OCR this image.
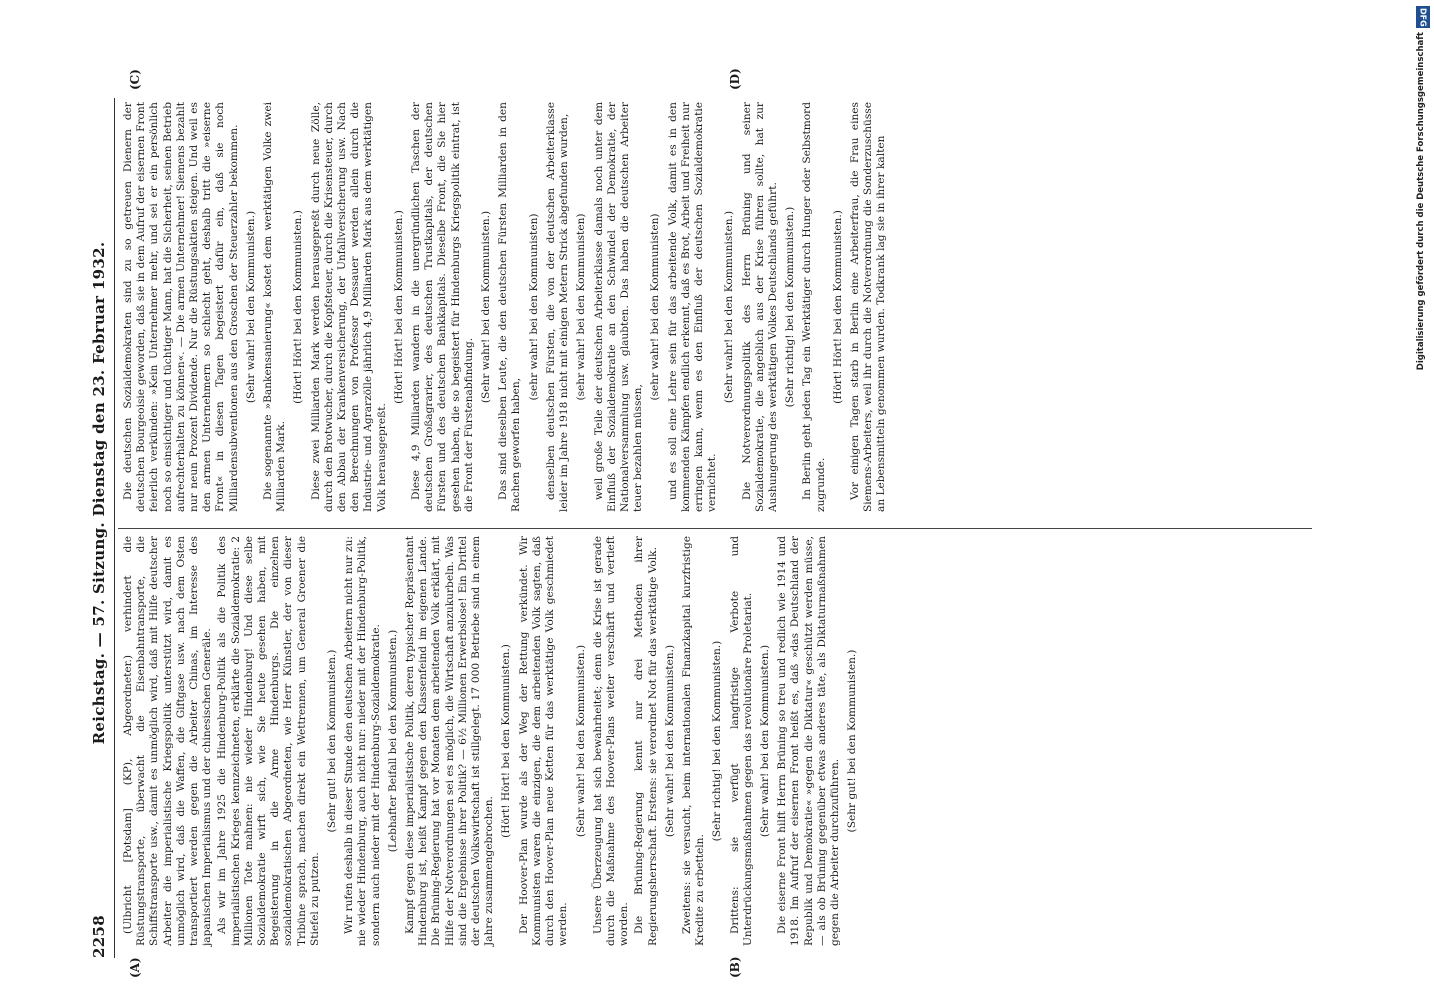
2258
Reichstag. — 57. Sitzung. Dienstag den 23. Februar 1932.
(A)	(B)
(C)	(D)

(Ulbricht [Potsdam] (KP), Abgeordneter.) verhindert die Rüstungstransporte, überwacht die Eisenbahntransporte, die Schiffstransporte usw., damit es unmöglich wird, daß mit Hilfe deutscher Arbeiter die imperialistische Kriegspolitik unterstützt wird, damit es unmöglich wird, daß die Waffen, die Giftgase usw. nach dem Osten transportiert werden gegen die Arbeiter Chinas, im Interesse des japanischen Imperialismus und der chinesischen Generäle. Als wir im Jahre 1925 die Hindenburg-Politik als die Politik des imperialistischen Krieges kennzeichneten, erklärte die Sozialdemokratie: 2 Millionen Tote mahnen: nie wieder Hindenburg! Und diese selbe Sozialdemokratie wirft sich, wie Sie heute gesehen haben, mit Begeisterung in die Arme Hindenburgs. Die einzelnen sozialdemokratischen Abgeordneten, wie Herr Künstler, der von dieser Tribüne sprach, machen direkt ein Wettrennen, um General Groener die Stiefel zu putzen.

(Sehr gut! bei den Kommunisten.) Wir rufen deshalb in dieser Stunde den deutschen Arbeitern nicht nur zu: nie wieder Hindenburg, auch nicht nur: nieder mit der Hindenburg-Politik, sondern auch nieder mit der Hindenburg-Sozialdemokratie. (Lebhafter Beifall bei den Kommunisten.) Kampf gegen diese imperialistische Politik, deren typischer Repräsentant Hindenburg ist, heißt Kampf gegen den Klassenfeind im eigenen Lande. Die Brüning-Regierung hat vor Monaten dem arbeitenden Volk erklärt, mit Hilfe der Notverordnungen sei es möglich, die Wirtschaft anzukurbeln. Was sind die Ergebnisse ihrer Politik? — 6½ Millionen Erwerbslose! Ein Drittel der deutschen Volkswirtschaft ist stillgelegt. 17 000 Betriebe sind in einem Jahre zusammengebrochen.

(Hört! Hört! bei den Kommunisten.) Der Hoover-Plan wurde als der Weg der Rettung verkündet. Wir Kommunisten waren die einzigen, die dem arbeitenden Volk sagten, daß durch den Hoover-Plan neue Ketten für das werktätige Volk geschmiedet werden.

(Sehr wahr! bei den Kommunisten.) Unsere Überzeugung hat sich bewahrheitet; denn die Krise ist gerade durch die Maßnahme des Hoover-Plans weiter verschärft und vertieft worden. Die Brüning-Regierung kennt nur drei Methoden ihrer Regierungsherrschaft. Erstens: sie verordnet Not für das werktätige Volk. (Sehr wahr! bei den Kommunisten.) Zweitens: sie versucht, beim internationalen Finanzkapital kurzfristige Kredite zu erbetteln.

(Sehr richtig! bei den Kommunisten.) Drittens: sie verfügt langfristige Verbote und Unterdrückungsmaßnahmen gegen das revolutionäre Proletariat. (Sehr wahr! bei den Kommunisten.) Die eiserne Front hilft Herrn Brüning so treu und redlich wie 1914 und 1918. Im Aufruf der eisernen Front heißt es, daß »das Deutschland der Republik und Demokratie« »gegen die Diktatur« geschützt werden müsse, — als ob Brüning gegenüber etwas anderes täte, als Diktaturmaßnahmen gegen die Arbeiter durchzuführen.

(Sehr gut! bei den Kommunisten.)

Die deutschen Sozialdemokraten sind zu so getreuen Dienern der deutschen Bourgeoisie geworden, daß sie in dem Aufruf der eisernen Front feierlich verkünden: »Kein Unternehmer mehr, und sei er ein persönlich noch so einsichtiger und tüchtiger Mann, hat die Sicherheit, seinen Betrieb aufrechterhalten zu können«. — Die armen Unternehmer! Siemens bezahlt nur neun Prozent Dividende. Nur die Rüstungsaktien steigen. Und weil es den armen Unternehmern so schlecht geht, deshalb tritt die »eiserne Front« in diesen Tagen begeistert dafür ein, daß sie noch Milliardensubventionen aus den Groschen der Steuerzahler bekommen. (Sehr wahr! bei den Kommunisten.) Die sogenannte »Bankensanierung« kostet dem werktätigen Volke zwei Milliarden Mark.

(Hört! Hört! bei den Kommunisten.) Diese zwei Milliarden Mark werden herausgepreßt durch neue Zölle, durch den Brotwucher, durch die Kopfsteuer, durch die Krisensteuer, durch den Abbau der Krankenversicherung, der Unfallversicherung usw. Nach den Berechnungen von Professor Dessauer werden allein durch die Industrie- und Agrarzölle jährlich 4,9 Milliarden Mark aus dem werktätigen Volk herausgepreßt.

(Hört! Hört! bei den Kommunisten.) Diese 4,9 Milliarden wandern in die unergründlichen Taschen der deutschen Großagrarier, des deutschen Trustkapitals, der deutschen Fürsten und des deutschen Bankkapitals. Dieselbe Front, die Sie hier gesehen haben, die so begeistert für Hindenburgs Kriegspolitik eintrat, ist die Front der Fürstenabfindung.

(Sehr wahr! bei den Kommunisten.) Das sind dieselben Leute, die den deutschen Fürsten Milliarden in den Rachen geworfen haben,

(sehr wahr! bei den Kommunisten) denselben deutschen Fürsten, die von der deutschen Arbeiterklasse leider im Jahre 1918 nicht mit einigen Metern Strick abgefunden wurden, (sehr wahr! bei den Kommunisten) weil große Teile der deutschen Arbeiterklasse damals noch unter dem Einfluß der Sozialdemokratie an den Schwindel der Demokratie, der Nationalversammlung usw. glaubten. Das haben die deutschen Arbeiter teuer bezahlen müssen,

(sehr wahr! bei den Kommunisten) und es soll eine Lehre sein für das arbeitende Volk, damit es in den kommenden Kämpfen endlich erkennt, daß es Brot, Arbeit und Freiheit nur erringen kann, wenn es den Einfluß der deutschen Sozialdemokratie vernichtet.

(Sehr wahr! bei den Kommunisten.) Die Notverordnungspolitik des Herrn Brüning und seiner Sozialdemokratie, die angeblich aus der Krise führen sollte, hat zur Aushungerung des werktätigen Volkes Deutschlands geführt. (Sehr richtig! bei den Kommunisten.) In Berlin geht jeden Tag ein Werktätiger durch Hunger oder Selbstmord zugrunde.

(Hört! Hört! bei den Kommunisten.) Vor einigen Tagen starb in Berlin eine Arbeiterfrau, die Frau eines Siemens-Arbeiters, weil ihr durch die Notverordnung die Sonderzuschüsse an Lebensmitteln genommen wurden. Todkrank lag sie in ihrer kalten

DFG
Digitalisierung gefördert durch die Deutsche Forschungsgemeinschaft
